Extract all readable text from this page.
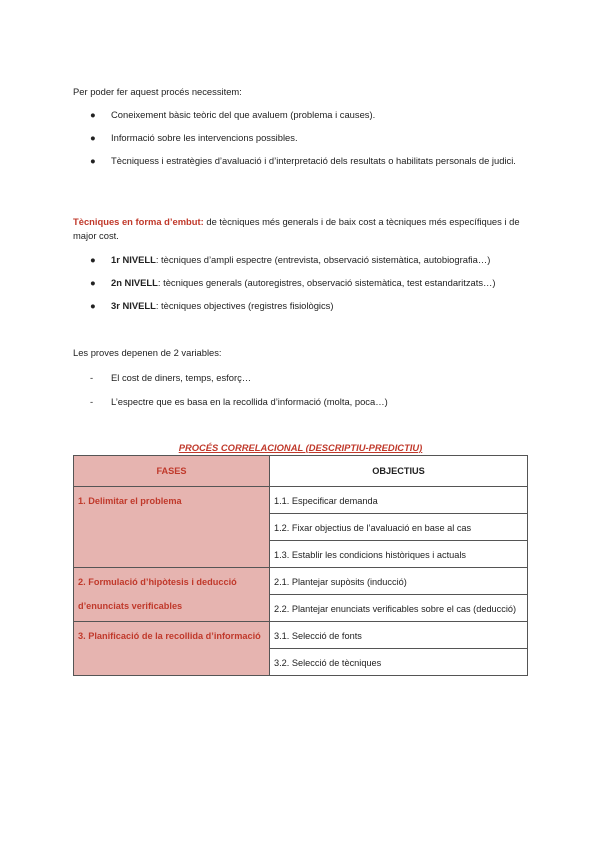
Per poder fer aquest procés necessitem:
● Coneixement bàsic teòric del que avaluem (problema i causes).
● Informació sobre les intervencions possibles.
● Tècniquess i estratègies d’avaluació i d’interpretació dels resultats o habilitats personals de judici.
Tècniques en forma d’embut: de tècniques més generals i de baix cost a tècniques més específiques i de major cost.
● 1r NIVELL: tècniques d’ampli espectre (entrevista, observació sistemàtica, autobiografia…)
● 2n NIVELL: tècniques generals (autoregistres, observació sistemàtica, test estandaritzats…)
● 3r NIVELL: tècniques objectives (registres fisiològics)
Les proves depenen de 2 variables:
- El cost de diners, temps, esforç…
- L’espectre que es basa en la recollida d’informació (molta, poca…)
PROCÉS CORRELACIONAL (DESCRIPTIU-PREDICTIU)
FASES	OBJECTIUS
1. Delimitar el problema	1.1. Especificar demanda
	1.2. Fixar objectius de l’avaluació en base al cas
	1.3. Establir les condicions històriques i actuals
2. Formulació d’hipòtesis i deducció d’enunciats verificables	2.1. Plantejar supòsits (inducció)
	2.2. Plantejar enunciats verificables sobre el cas (deducció)
3. Planificació de la recollida d’informació	3.1. Selecció de fonts
	3.2. Selecció de tècniques
